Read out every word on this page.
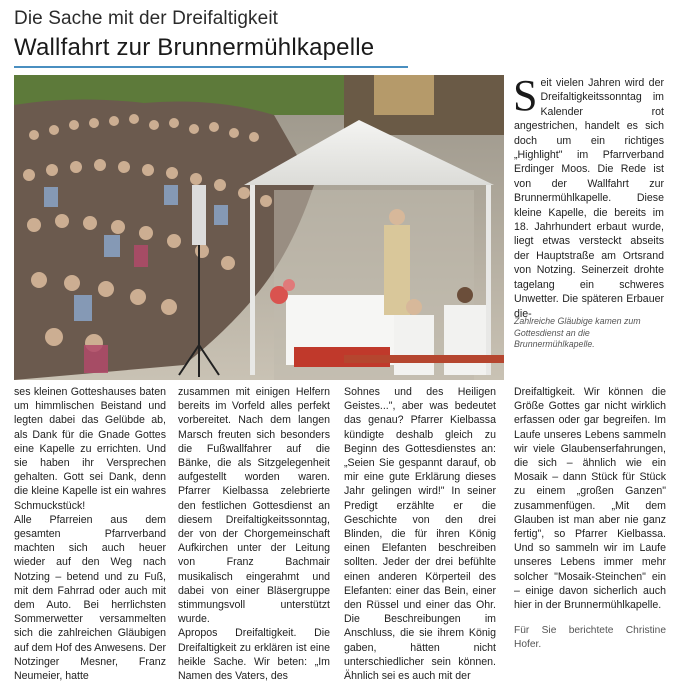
Die Sache mit der Dreifaltigkeit
Wallfahrt zur Brunnermühlkapelle
Seit vielen Jahren wird der Dreifaltigkeitssonntag im Kalender rot angestrichen, handelt es sich doch um ein richtiges „Highlight" im Pfarrverband Erdinger Moos. Die Rede ist von der Wallfahrt zur Brunnermühlkapelle. Diese kleine Kapelle, die bereits im 18. Jahrhundert erbaut wurde, liegt etwas versteckt abseits der Hauptstraße am Ortsrand von Notzing. Seinerzeit drohte tagelang ein schweres Unwetter. Die späteren Erbauer die-
Zahlreiche Gläubige kamen zum Gottesdienst an die Brunnermühlkapelle.

ses kleinen Gotteshauses baten um himmlischen Beistand und legten dabei das Gelübde ab, als Dank für die Gnade Gottes eine Kapelle zu errichten. Und sie haben ihr Versprechen gehalten. Gott sei Dank, denn die kleine Kapelle ist ein wahres Schmuckstück!

Alle Pfarreien aus dem gesamten Pfarrverband machten sich auch heuer wieder auf den Weg nach Notzing – betend und zu Fuß, mit dem Fahrrad oder auch mit dem Auto. Bei herrlichsten Sommerwetter versammelten sich die zahlreichen Gläubigen auf dem Hof des Anwesens. Der Notzinger Mesner, Franz Neumeier, hatte

zusammen mit einigen Helfern bereits im Vorfeld alles perfekt vorbereitet. Nach dem langen Marsch freuten sich besonders die Fußwallfahrer auf die Bänke, die als Sitzgelegenheit aufgestellt worden waren. Pfarrer Kielbassa zelebrierte den festlichen Gottesdienst an diesem Dreifaltigkeitssonntag, der von der Chorgemeinschaft Aufkirchen unter der Leitung von Franz Bachmair musikalisch eingerahmt und dabei von einer Bläsergruppe stimmungsvoll unterstützt wurde.

Apropos Dreifaltigkeit. Die Dreifaltigkeit zu erklären ist eine heikle Sache. Wir beten: „Im Namen des Vaters, des

Sohnes und des Heiligen Geistes...", aber was bedeutet das genau? Pfarrer Kielbassa kündigte deshalb gleich zu Beginn des Gottesdienstes an: „Seien Sie gespannt darauf, ob mir eine gute Erklärung dieses Jahr gelingen wird!" In seiner Predigt erzählte er die Geschichte von den drei Blinden, die für ihren König einen Elefanten beschreiben sollten. Jeder der drei befühlte einen anderen Körperteil des Elefanten: einer das Bein, einer den Rüssel und einer das Ohr. Die Beschreibungen im Anschluss, die sie ihrem König gaben, hätten nicht unterschiedlicher sein können. Ähnlich sei es auch mit der

Dreifaltigkeit. Wir können die Größe Gottes gar nicht wirklich erfassen oder gar begreifen. Im Laufe unseres Lebens sammeln wir viele Glaubenserfahrungen, die sich – ähnlich wie ein Mosaik – dann Stück für Stück zu einem „großen Ganzen" zusammenfügen. „Mit dem Glauben ist man aber nie ganz fertig", so Pfarrer Kielbassa. Und so sammeln wir im Laufe unseres Lebens immer mehr solcher "Mosaik-Steinchen" ein – einige davon sicherlich auch hier in der Brunnermühlkapelle.

Für Sie berichtete Christine Hofer.
